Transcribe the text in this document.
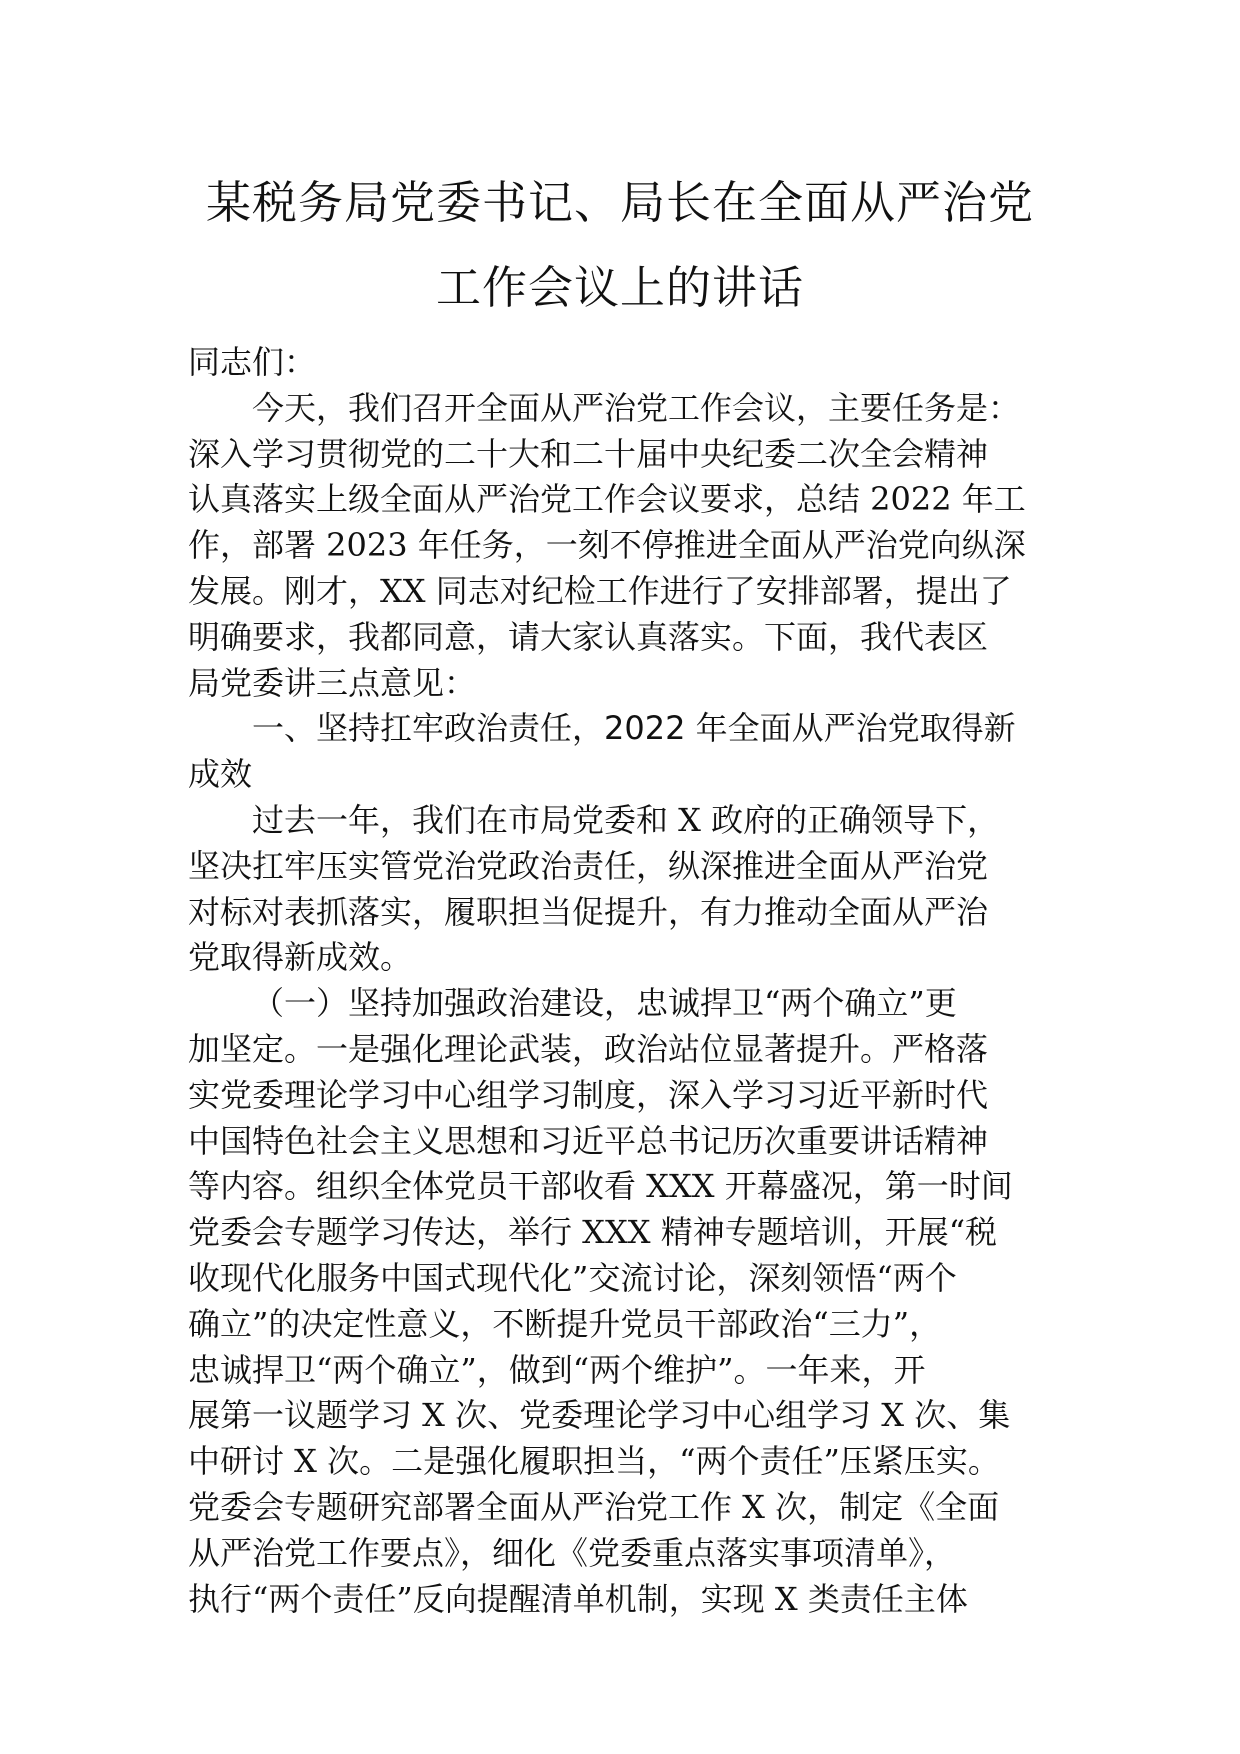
某税务局党委书记、局长在全面从严治党
工作会议上的讲话
同志们：
今天，我们召开全面从严治党工作会议，主要任务是：
深入学习贯彻党的二十大和二十届中央纪委二次全会精神
认真落实上级全面从严治党工作会议要求，总结 2022 年工
作，部署 2023 年任务，一刻不停推进全面从严治党向纵深
发展。刚才，XX 同志对纪检工作进行了安排部署，提出了
明确要求，我都同意，请大家认真落实。下面，我代表区
局党委讲三点意见：
一、坚持扛牢政治责任，2022 年全面从严治党取得新
成效
过去一年，我们在市局党委和 X 政府的正确领导下，
坚决扛牢压实管党治党政治责任，纵深推进全面从严治党
对标对表抓落实，履职担当促提升，有力推动全面从严治
党取得新成效。
（一）坚持加强政治建设，忠诚捍卫“两个确立”更
加坚定。一是强化理论武装，政治站位显著提升。严格落
实党委理论学习中心组学习制度，深入学习习近平新时代
中国特色社会主义思想和习近平总书记历次重要讲话精神
等内容。组织全体党员干部收看 XXX 开幕盛况，第一时间
党委会专题学习传达，举行 XXX 精神专题培训，开展“税
收现代化服务中国式现代化”交流讨论，深刻领悟“两个
确立”的决定性意义，不断提升党员干部政治“三力”，
忠诚捍卫“两个确立”，做到“两个维护”。一年来，开
展第一议题学习 X 次、党委理论学习中心组学习 X 次、集
中研讨 X 次。二是强化履职担当，“两个责任”压紧压实。
党委会专题研究部署全面从严治党工作 X 次，制定《全面
从严治党工作要点》，细化《党委重点落实事项清单》，
执行“两个责任”反向提醒清单机制，实现 X 类责任主体
